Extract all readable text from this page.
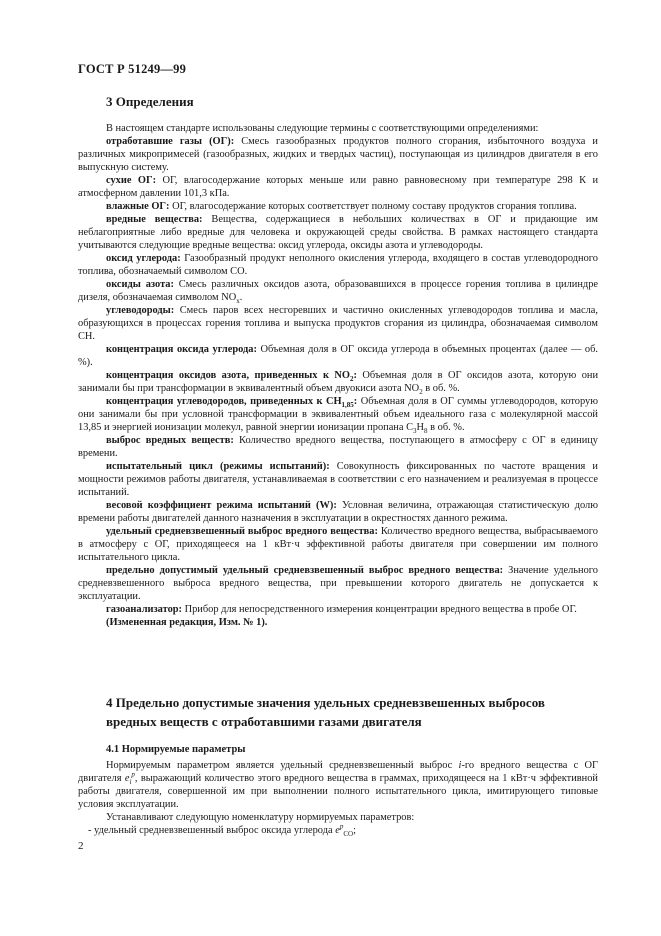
ГОСТ Р 51249—99
3 Определения

В настоящем стандарте использованы следующие термины с соответствующими определениями:

отработавшие газы (ОГ): Смесь газообразных продуктов полного сгорания, избыточного воздуха и различных микропримесей (газообразных, жидких и твердых частиц), поступающая из цилиндров двигателя в его выпускную систему.

сухие ОГ: ОГ, влагосодержание которых меньше или равно равновесному при температуре 298 К и атмосферном давлении 101,3 кПа.

влажные ОГ: ОГ, влагосодержание которых соответствует полному составу продуктов сгорания топлива.

вредные вещества: Вещества, содержащиеся в небольших количествах в ОГ и придающие им неблагоприятные либо вредные для человека и окружающей среды свойства. В рамках настоящего стандарта учитываются следующие вредные вещества: оксид углерода, оксиды азота и углеводороды.

оксид углерода: Газообразный продукт неполного окисления углерода, входящего в состав углеводородного топлива, обозначаемый символом СО.

оксиды азота: Смесь различных оксидов азота, образовавшихся в процессе горения топлива в цилиндре дизеля, обозначаемая символом $NO_x$.

углеводороды: Смесь паров всех несгоревших и частично окисленных углеводородов топлива и масла, образующихся в процессах горения топлива и выпуска продуктов сгорания из цилиндра, обозначаемая символом СН.

концентрация оксида углерода: Объемная доля в ОГ оксида углерода в объемных процентах (далее — об. %).

концентрация оксидов азота, приведенных к $NO_2$: Объемная доля в ОГ оксидов азота, которую они занимали бы при трансформации в эквивалентный объем двуокиси азота $NO_2$ в об. %.

концентрация углеводородов, приведенных к $СН_{1,85}$: Объемная доля в ОГ суммы углеводородов, которую они занимали бы при условной трансформации в эквивалентный объем идеального газа с молекулярной массой 13,85 и энергией ионизации молекул, равной энергии ионизации пропана $С_3Н_8$ в об. %.

выброс вредных веществ: Количество вредного вещества, поступающего в атмосферу с ОГ в единицу времени.

испытательный цикл (режимы испытаний): Совокупность фиксированных по частоте вращения и мощности режимов работы двигателя, устанавливаемая в соответствии с его назначением и реализуемая в процессе испытаний.

весовой коэффициент режима испытаний (W): Условная величина, отражающая статистическую долю времени работы двигателей данного назначения в эксплуатации в окрестностях данного режима.

удельный средневзвешенный выброс вредного вещества: Количество вредного вещества, выбрасываемого в атмосферу с ОГ, приходящееся на 1 кВт·ч эффективной работы двигателя при совершении им полного испытательного цикла.

предельно допустимый удельный средневзвешенный выброс вредного вещества: Значение удельного средневзвешенного выброса вредного вещества, при превышении которого двигатель не допускается к эксплуатации.

газоанализатор: Прибор для непосредственного измерения концентрации вредного вещества в пробе ОГ.

(Измененная редакция, Изм. № 1).

4 Предельно допустимые значения удельных средневзвешенных выбросов
вредных веществ с отработавшими газами двигателя
4.1 Нормируемые параметры

Нормируемым параметром является удельный средневзвешенный выброс i-го вредного вещества с ОГ двигателя $e_i^p$, выражающий количество этого вредного вещества в граммах, приходящееся на 1 кВт·ч эффективной работы двигателя, совершенной им при выполнении полного испытательного цикла, имитирующего типовые условия эксплуатации.

Устанавливают следующую номенклатуру нормируемых параметров:

- удельный средневзвешенный выброс оксида углерода $e^p_{CO}$;

2
